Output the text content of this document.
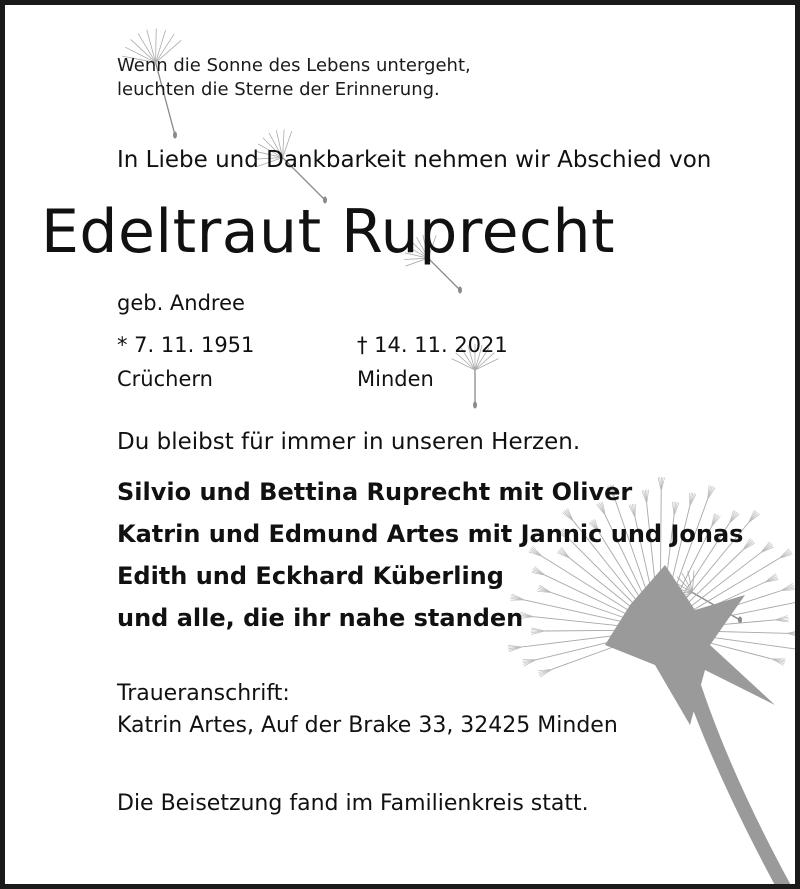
Wenn die Sonne des Lebens untergeht,
leuchten die Sterne der Erinnerung.
In Liebe und Dankbarkeit nehmen wir Abschied von
Edeltraut Ruprecht
geb. Andree
* 7. 11. 1951
Crüchern
† 14. 11. 2021
Minden
Du bleibst für immer in unseren Herzen.
Silvio und Bettina Ruprecht mit Oliver
Katrin und Edmund Artes mit Jannic und Jonas
Edith und Eckhard Küberling
und alle, die ihr nahe standen
Traueranschrift:
Katrin Artes, Auf der Brake 33, 32425 Minden
Die Beisetzung fand im Familienkreis statt.
